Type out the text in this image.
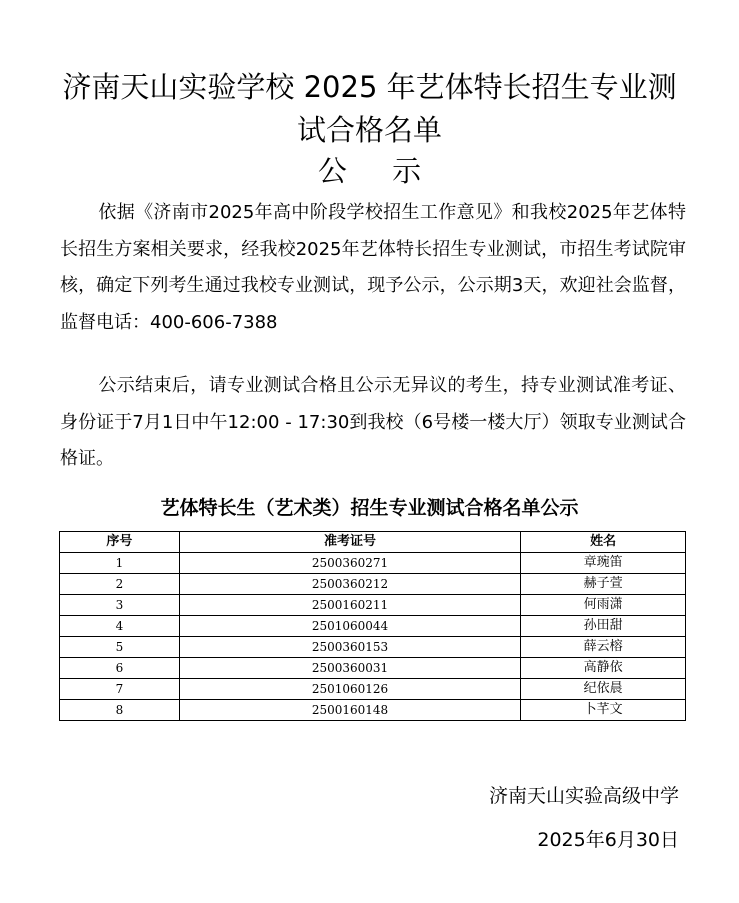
济南天山实验学校 2025 年艺体特长招生专业测
试合格名单
公 示

依据《济南市2025年高中阶段学校招生工作意见》和我校2025年艺体特长招生方案相关要求，经我校2025年艺体特长招生专业测试，市招生考试院审核，确定下列考生通过我校专业测试，现予公示，公示期3天，欢迎社会监督，监督电话：400-606-7388

公示结束后，请专业测试合格且公示无异议的考生，持专业测试准考证、身份证于7月1日中午12:00 - 17:30到我校（6号楼一楼大厅）领取专业测试合格证。

艺体特长生（艺术类）招生专业测试合格名单公示
序号	准考证号	姓名
1	2500360271	章琬笛
2	2500360212	赫子萱
3	2500160211	何雨潇
4	2501060044	孙田甜
5	2500360153	薛云榕
6	2500360031	高静依
7	2501060126	纪依晨
8	2500160148	卜芊文
济南天山实验高级中学
2025年6月30日
